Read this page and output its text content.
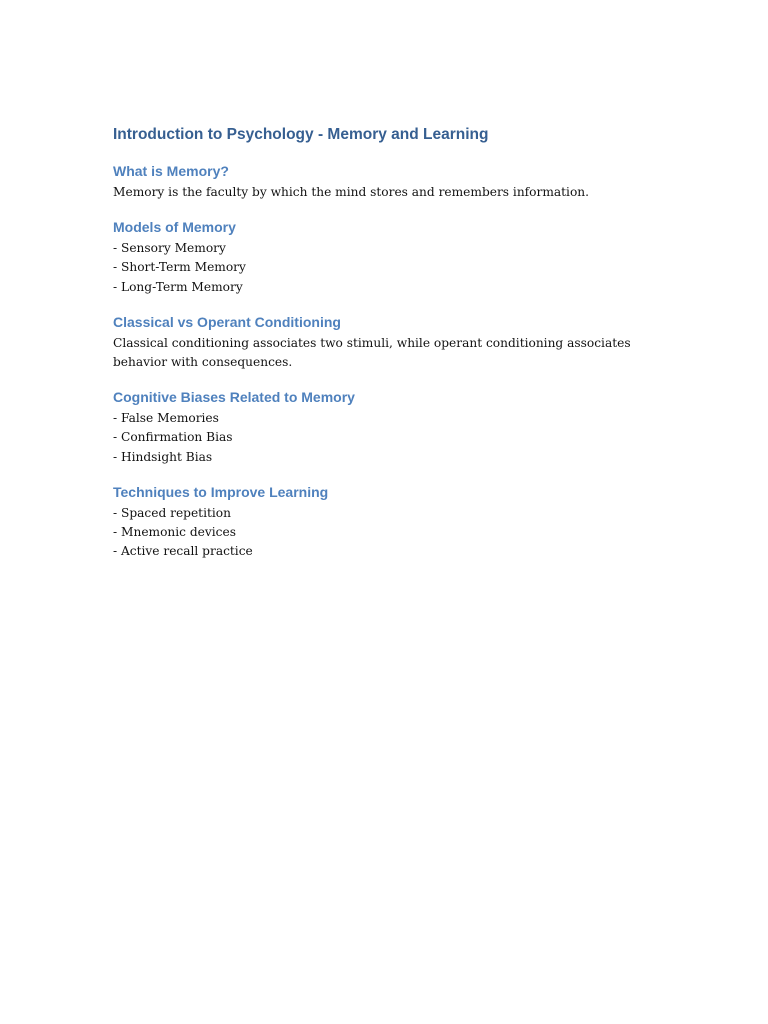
Introduction to Psychology - Memory and Learning
What is Memory?

Memory is the faculty by which the mind stores and remembers information.

Models of Memory
- Sensory Memory
- Short-Term Memory
- Long-Term Memory
Classical vs Operant Conditioning

Classical conditioning associates two stimuli, while operant conditioning associates behavior with consequences.

Cognitive Biases Related to Memory
- False Memories
- Confirmation Bias
- Hindsight Bias
Techniques to Improve Learning
- Spaced repetition
- Mnemonic devices
- Active recall practice
